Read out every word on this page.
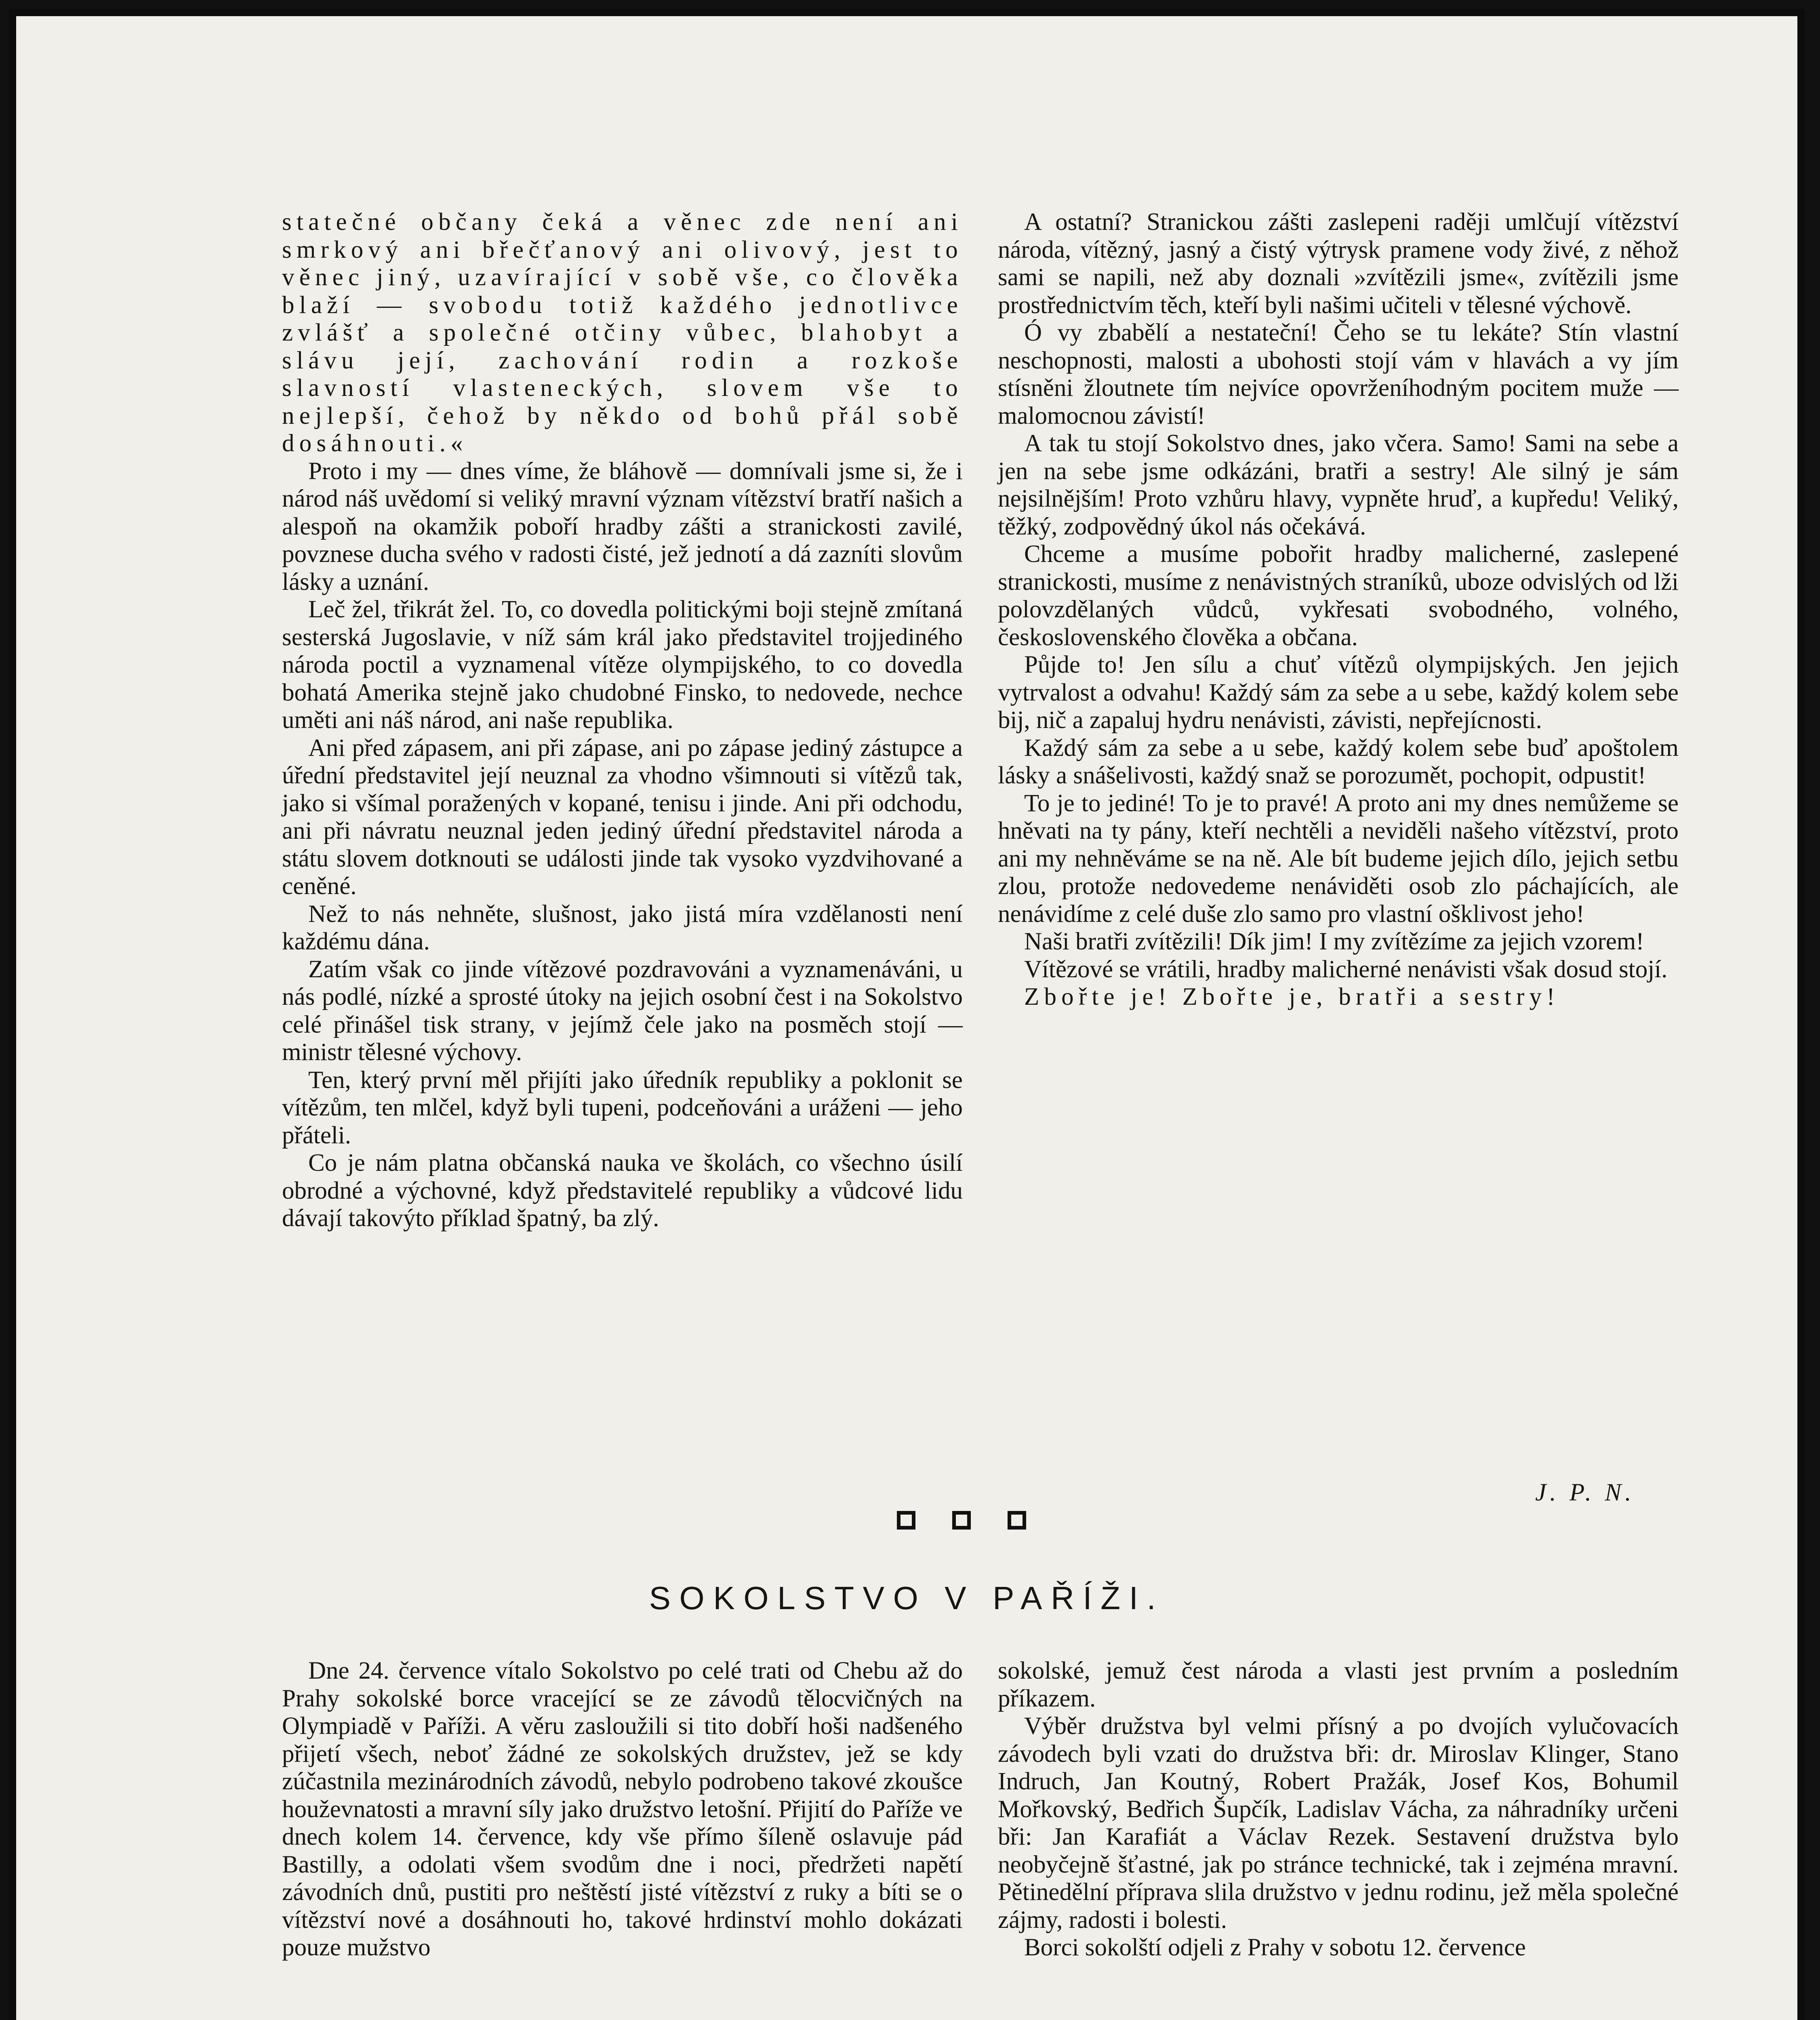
statečné občany čeká a věnec zde není ani smrkový ani břečťanový ani olivový, jest to věnec jiný, uzavírající v sobě vše, co člověka blaží — svobodu totiž každého jednotlivce zvlášť a společné otčiny vůbec, blahobyt a slávu její, zachování rodin a rozkoše slavností vlasteneckých, slovem vše to nejlepší, čehož by někdo od bohů přál sobě dosáhnouti.«

Proto i my — dnes víme, že bláhově — domnívali jsme si, že i národ náš uvědomí si veliký mravní význam vítězství bratří našich a alespoň na okamžik poboří hradby zášti a stranickosti zavilé, povznese ducha svého v radosti čisté, jež jednotí a dá zazníti slovům lásky a uznání.

Leč žel, třikrát žel. To, co dovedla politickými boji stejně zmítaná sesterská Jugoslavie, v níž sám král jako představitel trojjediného národa poctil a vyznamenal vítěze olympijského, to co dovedla bohatá Amerika stejně jako chudobné Finsko, to nedovede, nechce uměti ani náš národ, ani naše republika.

Ani před zápasem, ani při zápase, ani po zápase jediný zástupce a úřední představitel její neuznal za vhodno všimnouti si vítězů tak, jako si všímal poražených v kopané, tenisu i jinde. Ani při odchodu, ani při návratu neuznal jeden jediný úřední představitel národa a státu slovem dotknouti se události jinde tak vysoko vyzdvihované a ceněné.

Než to nás nehněte, slušnost, jako jistá míra vzdělanosti není každému dána.

Zatím však co jinde vítězové pozdravováni a vyznamenáváni, u nás podlé, nízké a sprosté útoky na jejich osobní čest i na Sokolstvo celé přinášel tisk strany, v jejímž čele jako na posměch stojí — ministr tělesné výchovy.

Ten, který první měl přijíti jako úředník republiky a poklonit se vítězům, ten mlčel, když byli tupeni, podceňováni a uráženi — jeho přáteli.

Co je nám platna občanská nauka ve školách, co všechno úsilí obrodné a výchovné, když představitelé republiky a vůdcové lidu dávají takovýto příklad špatný, ba zlý.

A ostatní? Stranickou zášti zaslepeni raději umlčují vítězství národa, vítězný, jasný a čistý výtrysk pramene vody živé, z něhož sami se napili, než aby doznali »zvítězili jsme«, zvítězili jsme prostřednictvím těch, kteří byli našimi učiteli v tělesné výchově.

Ó vy zbabělí a nestateční! Čeho se tu lekáte? Stín vlastní neschopnosti, malosti a ubohosti stojí vám v hlavách a vy jím stísněni žloutnete tím nejvíce opovrženíhodným pocitem muže — malomocnou závistí!

A tak tu stojí Sokolstvo dnes, jako včera. Samo! Sami na sebe a jen na sebe jsme odkázáni, bratři a sestry! Ale silný je sám nejsilnějším! Proto vzhůru hlavy, vypněte hruď, a kupředu! Veliký, těžký, zodpovědný úkol nás očekává.

Chceme a musíme pobořit hradby malicherné, zaslepené stranickosti, musíme z nenávistných straníků, uboze odvislých od lži polovzdělaných vůdců, vykřesati svobodného, volného, československého člověka a občana.

Půjde to! Jen sílu a chuť vítězů olympijských. Jen jejich vytrvalost a odvahu! Každý sám za sebe a u sebe, každý kolem sebe bij, nič a zapaluj hydru nenávisti, závisti, nepřejícnosti.

Každý sám za sebe a u sebe, každý kolem sebe buď apoštolem lásky a snášelivosti, každý snaž se porozumět, pochopit, odpustit!

To je to jediné! To je to pravé! A proto ani my dnes nemůžeme se hněvati na ty pány, kteří nechtěli a neviděli našeho vítězství, proto ani my nehněváme se na ně. Ale bít budeme jejich dílo, jejich setbu zlou, protože nedovedeme nenáviděti osob zlo páchajících, ale nenávidíme z celé duše zlo samo pro vlastní ošklivost jeho!

Naši bratři zvítězili! Dík jim! I my zvítězíme za jejich vzorem!

Vítězové se vrátili, hradby malicherné nenávisti však dosud stojí.

Zbořte je! Zbořte je, bratři a sestry!

J. P. N.
SOKOLSTVO V PAŘÍŽI.

Dne 24. července vítalo Sokolstvo po celé trati od Chebu až do Prahy sokolské borce vracející se ze závodů tělocvičných na Olympiadě v Paříži. A věru zasloužili si tito dobří hoši nadšeného přijetí všech, neboť žádné ze sokolských družstev, jež se kdy zúčastnila mezinárodních závodů, nebylo podrobeno takové zkoušce houževnatosti a mravní síly jako družstvo letošní. Přijití do Paříže ve dnech kolem 14. července, kdy vše přímo šíleně oslavuje pád Bastilly, a odolati všem svodům dne i noci, předržeti napětí závodních dnů, pustiti pro neštěstí jisté vítězství z ruky a bíti se o vítězství nové a dosáhnouti ho, takové hrdinství mohlo dokázati pouze mužstvo

sokolské, jemuž čest národa a vlasti jest prvním a posledním příkazem.

Výběr družstva byl velmi přísný a po dvojích vylučovacích závodech byli vzati do družstva bři: dr. Miroslav Klinger, Stano Indruch, Jan Koutný, Robert Pražák, Josef Kos, Bohumil Mořkovský, Bedřich Šupčík, Ladislav Vácha, za náhradníky určeni bři: Jan Karafiát a Václav Rezek. Sestavení družstva bylo neobyčejně šťastné, jak po stránce technické, tak i zejména mravní. Pětinedělní příprava slila družstvo v jednu rodinu, jež měla společné zájmy, radosti i bolesti.

Borci sokolští odjeli z Prahy v sobotu 12. července
